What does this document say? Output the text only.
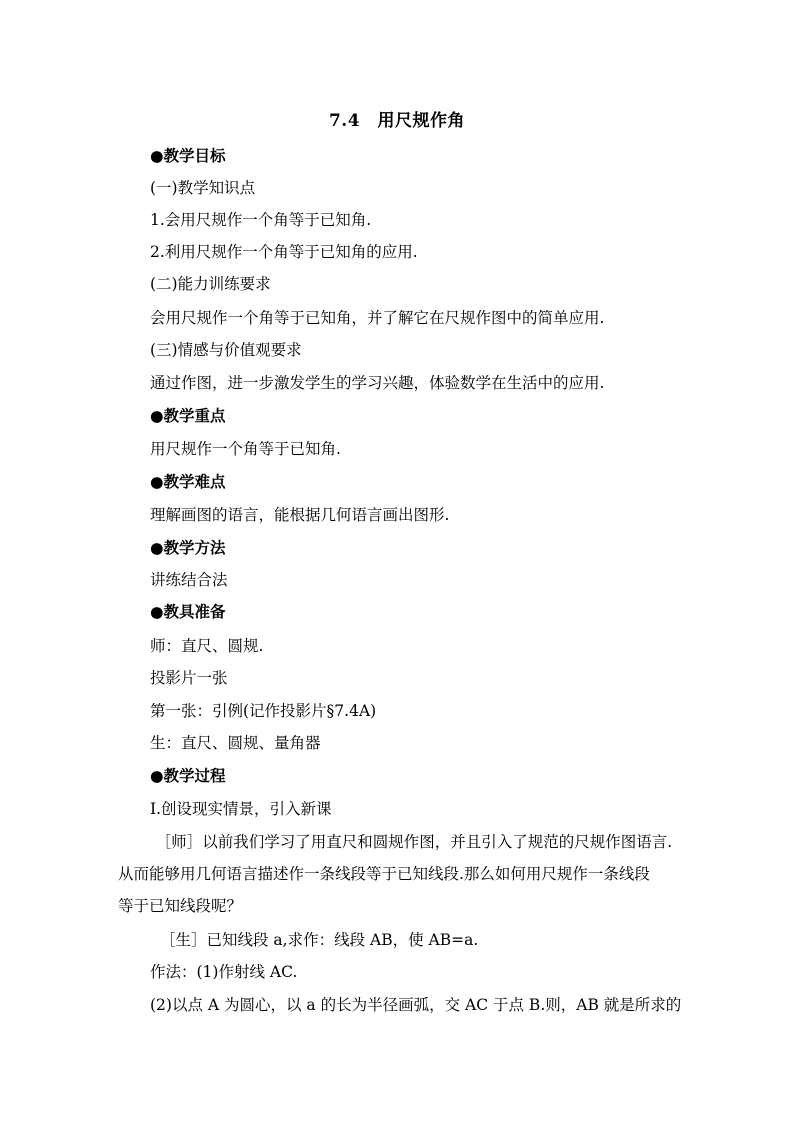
7.4　用尺规作角
●教学目标
(一)教学知识点
1.会用尺规作一个角等于已知角.
2.利用尺规作一个角等于已知角的应用.
(二)能力训练要求
会用尺规作一个角等于已知角，并了解它在尺规作图中的简单应用.
(三)情感与价值观要求
通过作图，进一步激发学生的学习兴趣，体验数学在生活中的应用.
●教学重点
用尺规作一个角等于已知角.
●教学难点
理解画图的语言，能根据几何语言画出图形.
●教学方法
讲练结合法
●教具准备
师：直尺、圆规.
投影片一张
第一张：引例(记作投影片§7.4A)
生：直尺、圆规、量角器
●教学过程
Ⅰ.创设现实情景，引入新课
　［师］以前我们学习了用直尺和圆规作图，并且引入了规范的尺规作图语言.
从而能够用几何语言描述作一条线段等于已知线段.那么如何用尺规作一条线段
等于已知线段呢？
［生］已知线段 a,求作：线段 AB，使 AB=a.
作法：(1)作射线 AC.
(2)以点 A 为圆心，以 a 的长为半径画弧，交 AC 于点 B.则，AB 就是所求的
